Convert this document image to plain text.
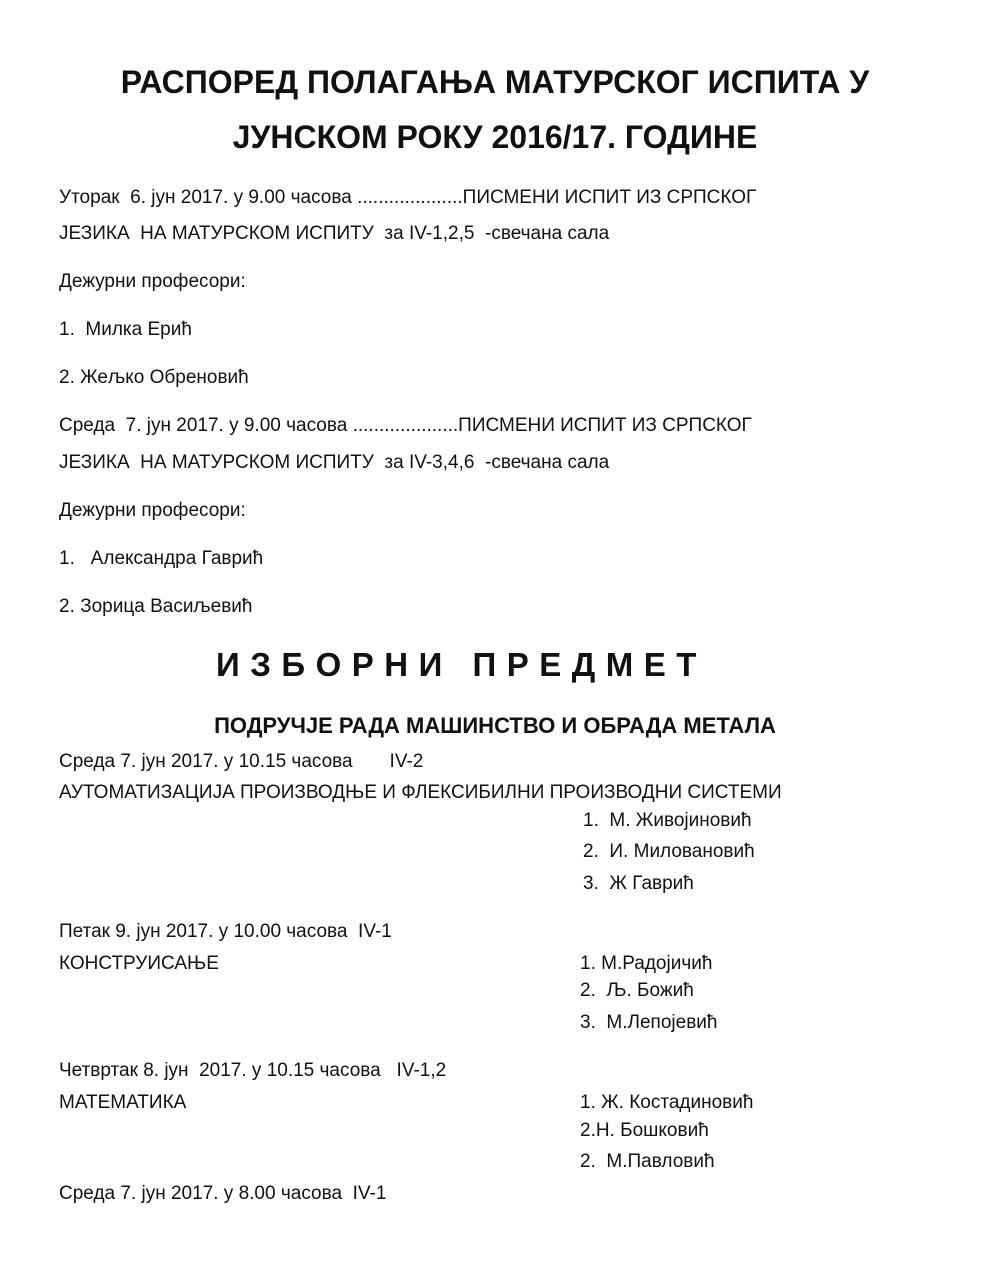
РАСПОРЕД ПОЛАГАЊА МАТУРСКОГ ИСПИТА У
ЈУНСКОМ РОКУ 2016/17. ГОДИНЕ
Уторак  6. јун 2017. у 9.00 часова ....................ПИСМЕНИ ИСПИТ ИЗ СРПСКОГ
ЈЕЗИКА  НА МАТУРСКОМ ИСПИТУ  за IV-1,2,5  -свечана сала
Дежурни професори:
1.  Милка Ерић
2. Жељко Обреновић
Среда  7. јун 2017. у 9.00 часова ....................ПИСМЕНИ ИСПИТ ИЗ СРПСКОГ
ЈЕЗИКА  НА МАТУРСКОМ ИСПИТУ  за IV-3,4,6  -свечана сала
Дежурни професори:
1.   Александра Гаврић
2. Зорица Васиљевић
ИЗБОРНИ ПРЕДМЕТ
ПОДРУЧЈЕ РАДА МАШИНСТВО И ОБРАДА МЕТАЛА
Среда 7. јун 2017. у 10.15 часова       IV-2
АУТОМАТИЗАЦИЈА ПРОИЗВОДЊЕ И ФЛЕКСИБИЛНИ ПРОИЗВОДНИ СИСТЕМИ
1.  М. Живојиновић
2.  И. Миловановић
3.  Ж Гаврић
Петак 9. јун 2017. у 10.00 часова  IV-1
КОНСТРУИСАЊЕ	1. М.Радојичић
2.  Љ. Божић
3.  М.Лепојевић
Четвртак 8. јун  2017. у 10.15 часова   IV-1,2
МАТЕМАТИКА	1. Ж. Костадиновић
2.Н. Бошковић
2.  М.Павловић
Среда 7. јун 2017. у 8.00 часова  IV-1
